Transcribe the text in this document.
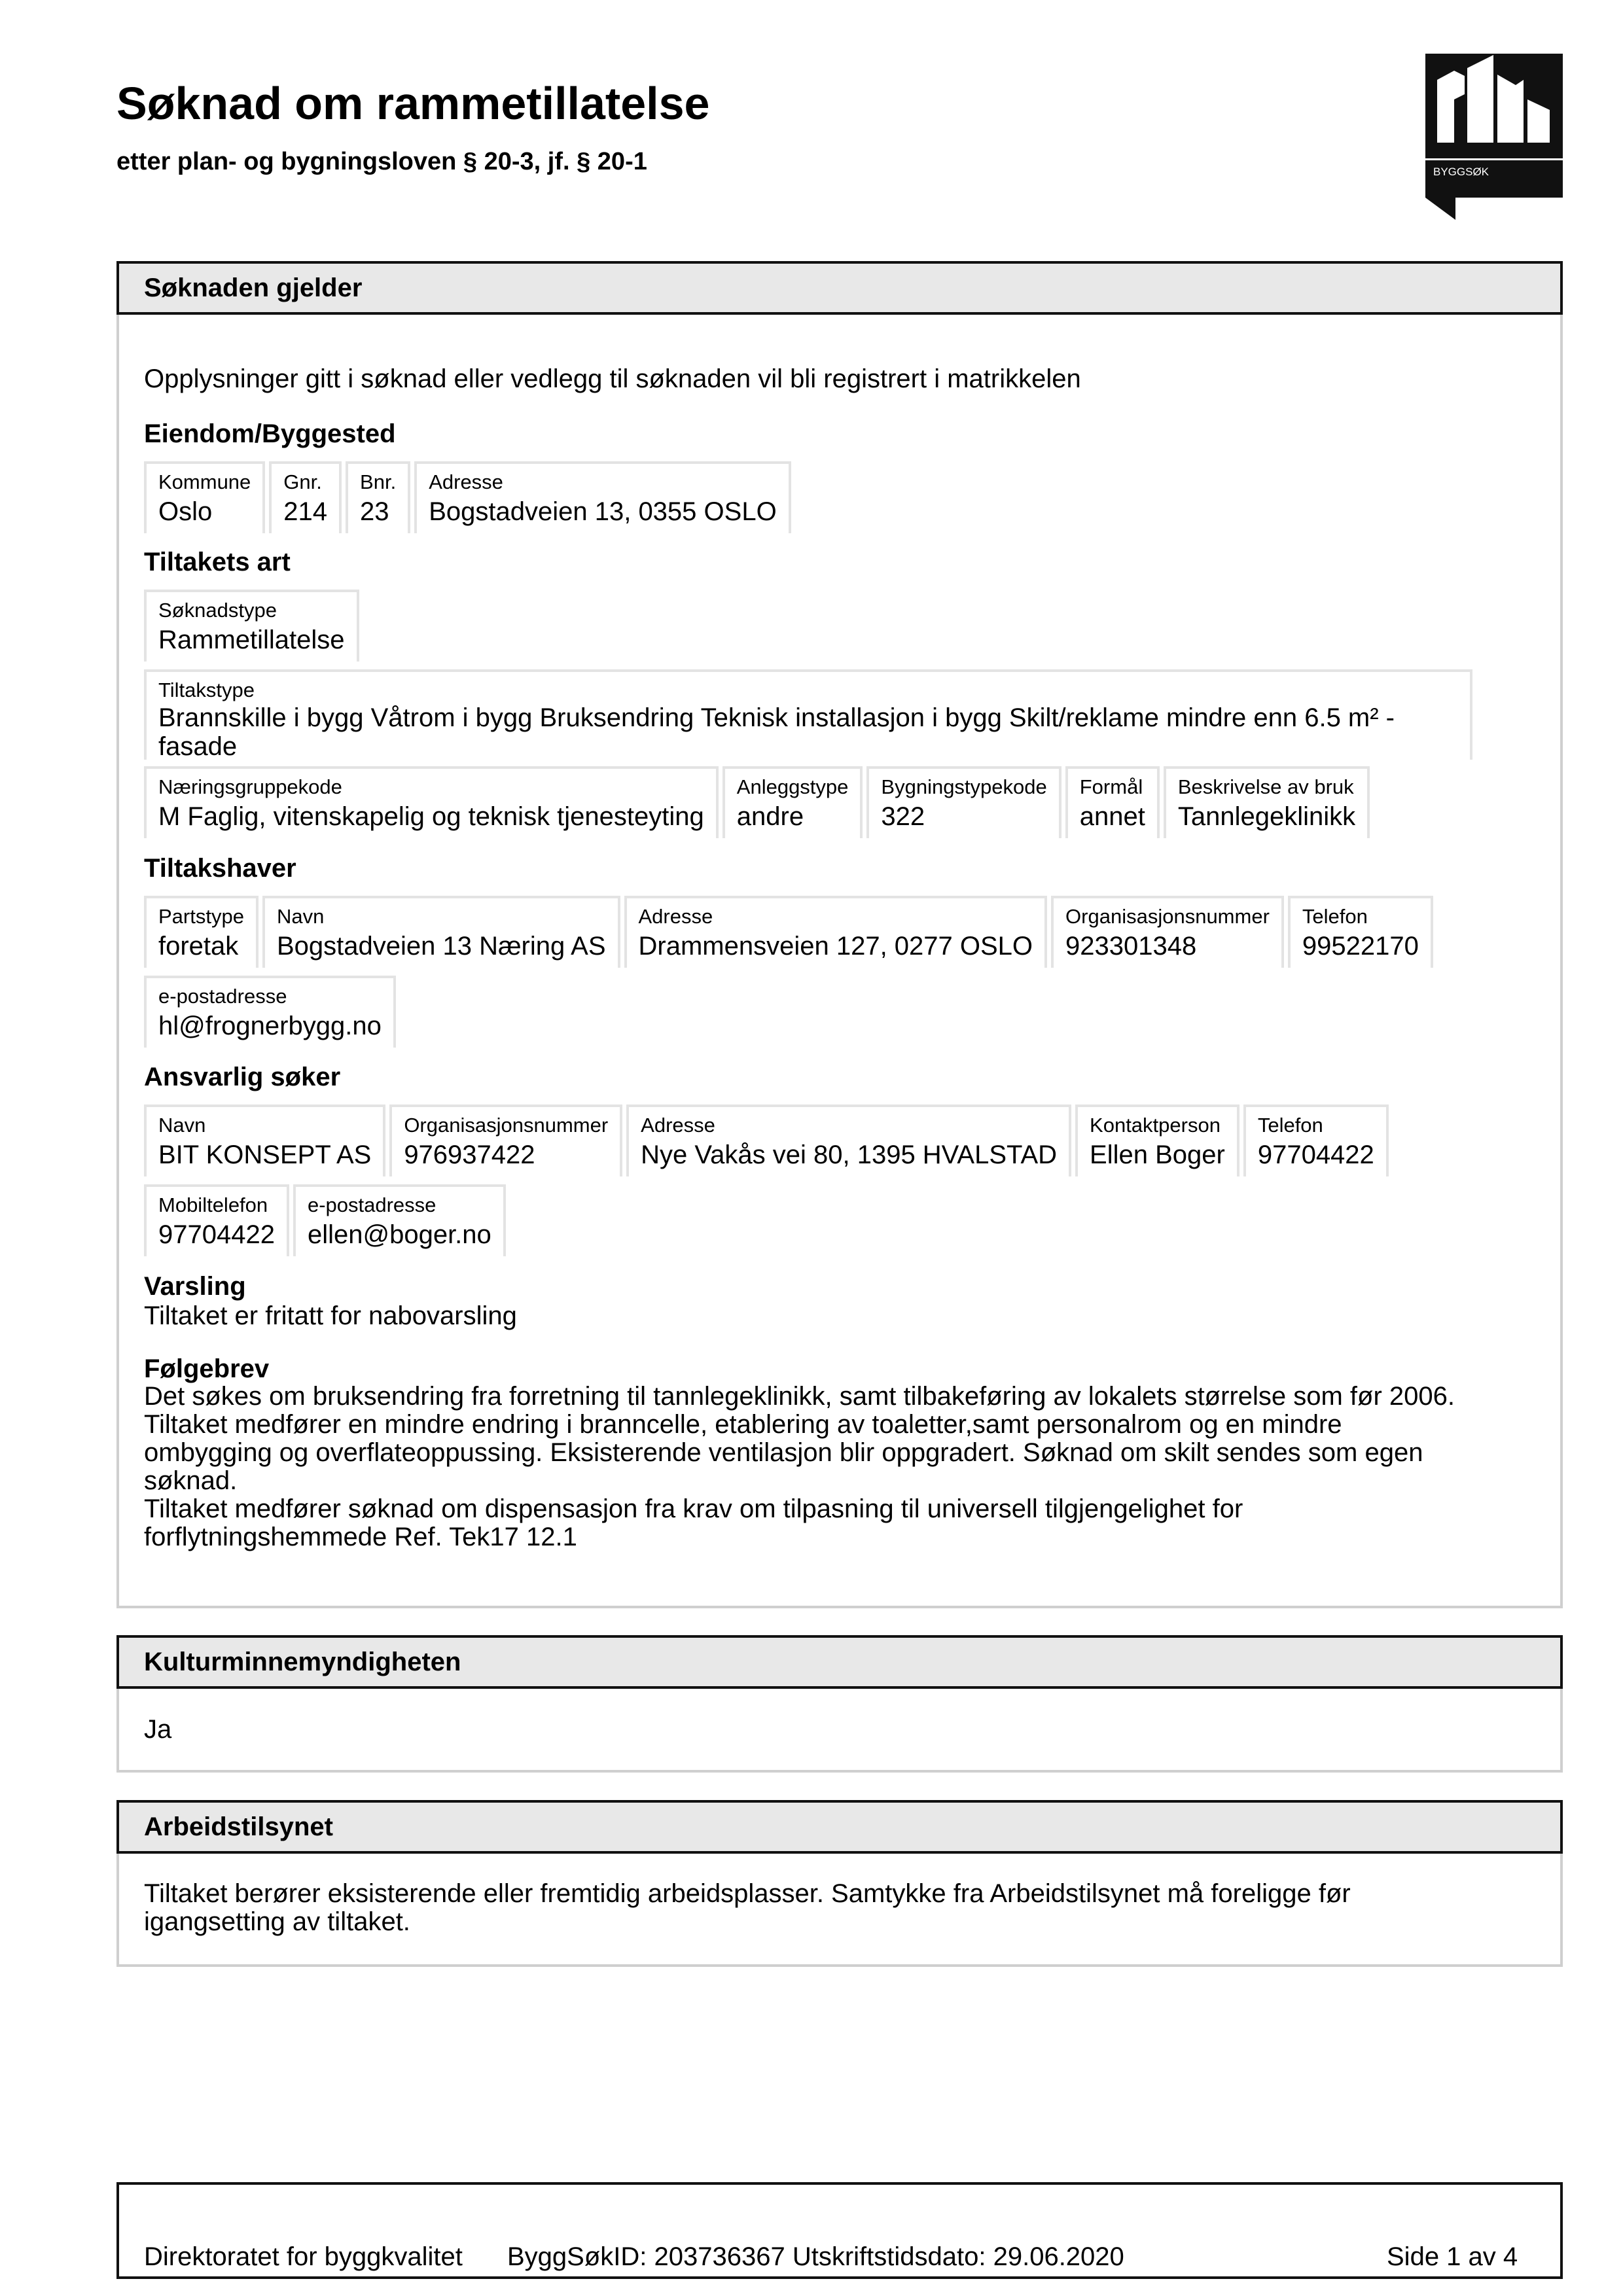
Søknad om rammetillatelse
etter plan- og bygningsloven § 20-3, jf. § 20-1	BYGGSØK
Søknaden gjelder
Opplysninger gitt i søknad eller vedlegg til søknaden vil bli registrert i matrikkelen
Eiendom/Byggested
Kommune
Oslo
Gnr.
214
Bnr.
23
Adresse
Bogstadveien 13, 0355 OSLO
Tiltakets art
Søknadstype
Rammetillatelse
Tiltakstype
Brannskille i bygg Våtrom i bygg Bruksendring Teknisk installasjon i bygg Skilt/reklame mindre enn 6.5 m² - fasade
Næringsgruppekode
M Faglig, vitenskapelig og teknisk tjenesteyting
Anleggstype
andre
Bygningstypekode
322
Formål
annet
Beskrivelse av bruk
Tannlegeklinikk
Tiltakshaver
Partstype
foretak
Navn
Bogstadveien 13 Næring AS
Adresse
Drammensveien 127, 0277 OSLO
Organisasjonsnummer
923301348
Telefon
99522170
e-postadresse
hl@frognerbygg.no
Ansvarlig søker
Navn
BIT KONSEPT AS
Organisasjonsnummer
976937422
Adresse
Nye Vakås vei 80, 1395 HVALSTAD
Kontaktperson
Ellen Boger
Telefon
97704422
Mobiltelefon
97704422
e-postadresse
ellen@boger.no
Varsling
Tiltaket er fritatt for nabovarsling
Følgebrev
Det søkes om bruksendring fra forretning til tannlegeklinikk, samt tilbakeføring av lokalets størrelse som før 2006.
Tiltaket medfører en mindre endring i branncelle, etablering av toaletter,samt personalrom og en mindre
ombygging og overflateoppussing. Eksisterende ventilasjon blir oppgradert. Søknad om skilt sendes som egen
søknad.
Tiltaket medfører søknad om dispensasjon fra krav om tilpasning til universell tilgjengelighet for
forflytningshemmede Ref. Tek17 12.1
Kulturminnemyndigheten
Ja
Arbeidstilsynet
Tiltaket berører eksisterende eller fremtidig arbeidsplasser. Samtykke fra Arbeidstilsynet må foreligge før
igangsetting av tiltaket.
Direktoratet for byggkvalitet ByggSøkID: 203736367 Utskriftstidsdato: 29.06.2020	Side 1 av 4
